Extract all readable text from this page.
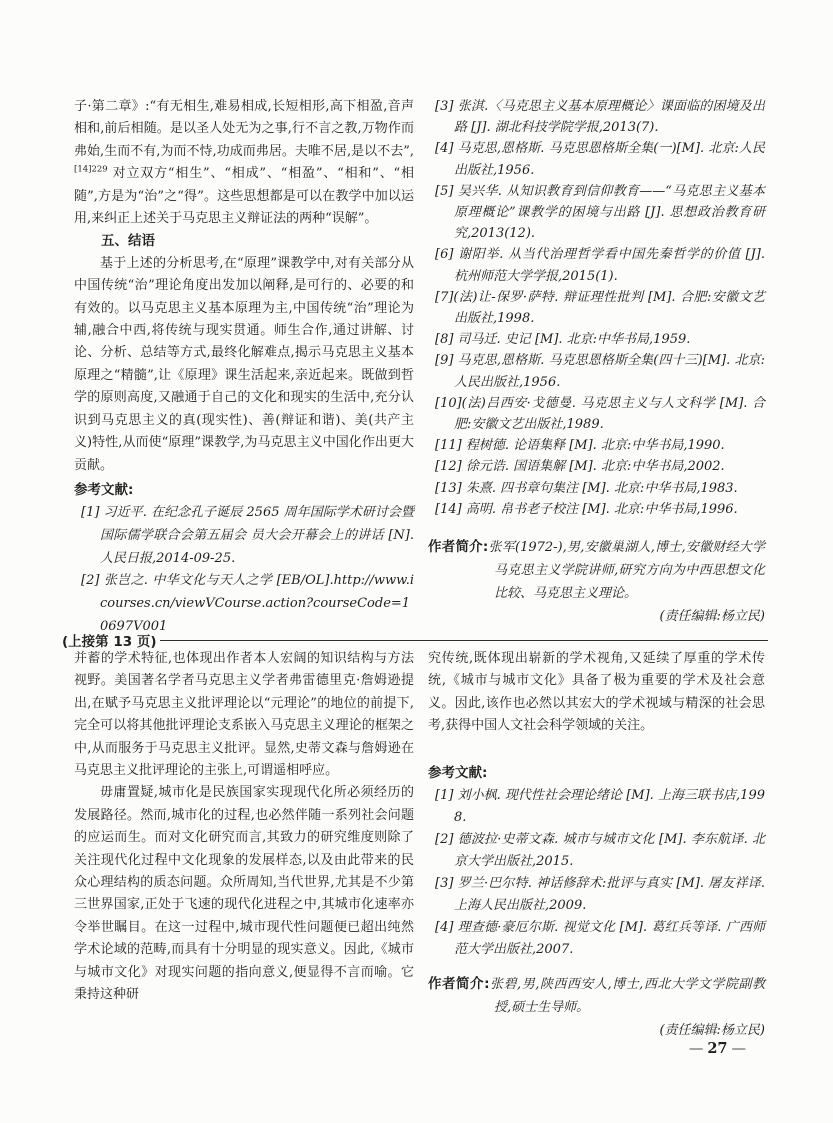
子·第二章》:“有无相生,难易相成,长短相形,高下相盈,音声相和,前后相随。是以圣人处无为之事,行不言之教,万物作而弗始,生而不有,为而不恃,功成而弗居。夫唯不居,是以不去”,$^{[14]229}$ 对立双方“相生”、“相成”、“相盈”、“相和”、“相随”,方是为“治”之“得”。这些思想都是可以在教学中加以运用,来纠正上述关于马克思主义辩证法的两种“误解”。

五、结语

基于上述的分析思考,在“原理”课教学中,对有关部分从中国传统“治”理论角度出发加以阐释,是可行的、必要的和有效的。以马克思主义基本原理为主,中国传统“治”理论为辅,融合中西,将传统与现实贯通。师生合作,通过讲解、讨论、分析、总结等方式,最终化解难点,揭示马克思主义基本原理之“精髓”,让《原理》课生活起来,亲近起来。既做到哲学的原则高度,又融通于自己的文化和现实的生活中,充分认识到马克思主义的真(现实性)、善(辩证和谐)、美(共产主义)特性,从而使“原理”课教学,为马克思主义中国化作出更大贡献。

参考文献:

[1] 习近平. 在纪念孔子诞辰 2565 周年国际学术研讨会暨国际儒学联合会第五届会 员大会开幕会上的讲话 [N]. 人民日报,2014-09-25.

[2] 张岂之. 中华文化与天人之学 [EB/OL].http://www.icourses.cn/viewVCourse.action?courseCode=10697V001

[3] 张淇.〈马克思主义基本原理概论〉课面临的困境及出路 [J]. 湖北科技学院学报,2013(7).

[4] 马克思,恩格斯. 马克思恩格斯全集(一)[M]. 北京:人民出版社,1956.

[5] 吴兴华. 从知识教育到信仰教育——“马克思主义基本原理概论”课教学的困境与出路 [J]. 思想政治教育研究,2013(12).

[6] 谢阳举. 从当代治理哲学看中国先秦哲学的价值 [J]. 杭州师范大学学报,2015(1).

[7](法)让-保罗·萨特. 辩证理性批判 [M]. 合肥:安徽文艺出版社,1998.

[8] 司马迁. 史记 [M]. 北京:中华书局,1959.

[9] 马克思,恩格斯. 马克思恩格斯全集(四十三)[M]. 北京:人民出版社,1956.

[10](法)吕西安·戈德曼. 马克思主义与人文科学 [M]. 合肥:安徽文艺出版社,1989.

[11] 程树德. 论语集释 [M]. 北京:中华书局,1990.

[12] 徐元诰. 国语集解 [M]. 北京:中华书局,2002.

[13] 朱熹. 四书章句集注 [M]. 北京:中华书局,1983.

[14] 高明. 帛书老子校注 [M]. 北京:中华书局,1996.

作者简介:张军(1972-),男,安徽巢湖人,博士,安徽财经大学马克思主义学院讲师,研究方向为中西思想文化比较、马克思主义理论。

(责任编辑:杨立民)

(上接第 13 页)

并蓄的学术特征,也体现出作者本人宏阔的知识结构与方法视野。美国著名学者马克思主义学者弗雷德里克·詹姆逊提出,在赋予马克思主义批评理论以“元理论”的地位的前提下,完全可以将其他批评理论支系嵌入马克思主义理论的框架之中,从而服务于马克思主义批评。显然,史蒂文森与詹姆逊在马克思主义批评理论的主张上,可谓遥相呼应。

毋庸置疑,城市化是民族国家实现现代化所必须经历的发展路径。然而,城市化的过程,也必然伴随一系列社会问题的应运而生。而对文化研究而言,其致力的研究维度则除了关注现代化过程中文化现象的发展样态,以及由此带来的民众心理结构的质态问题。众所周知,当代世界,尤其是不少第三世界国家,正处于飞速的现代化进程之中,其城市化速率亦令举世瞩目。在这一过程中,城市现代性问题便已超出纯然学术论域的范畴,而具有十分明显的现实意义。因此,《城市与城市文化》对现实问题的指向意义,便显得不言而喻。它秉持这种研

究传统,既体现出崭新的学术视角,又延续了厚重的学术传统,《城市与城市文化》具备了极为重要的学术及社会意义。因此,该作也必然以其宏大的学术视域与精深的社会思考,获得中国人文社会科学领域的关注。

参考文献:

[1] 刘小枫. 现代性社会理论绪论 [M]. 上海三联书店,1998.

[2] 德波拉·史蒂文森. 城市与城市文化 [M]. 李东航译. 北京大学出版社,2015.

[3] 罗兰·巴尔特. 神话修辞术:批评与真实 [M]. 屠友祥译. 上海人民出版社,2009.

[4] 理查德·豪厄尔斯. 视觉文化 [M]. 葛红兵等译. 广西师范大学出版社,2007.

作者简介:张碧,男,陕西西安人,博士,西北大学文学院副教授,硕士生导师。

(责任编辑:杨立民)

— 27 —
